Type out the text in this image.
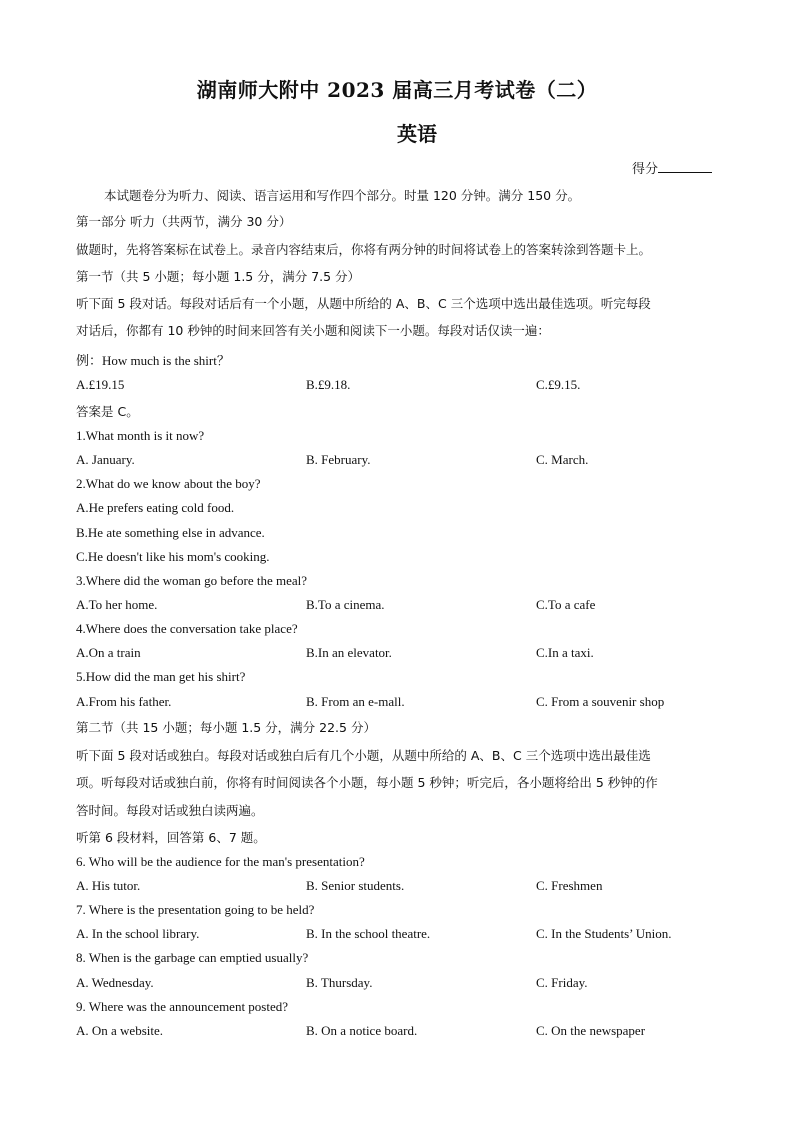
湖南师大附中 2023 届高三月考试卷（二）
英语
得分
本试题卷分为听力、阅读、语言运用和写作四个部分。时量 120 分钟。满分 150 分。
第一部分 听力（共两节，满分 30 分）
做题时，先将答案标在试卷上。录音内容结束后，你将有两分钟的时间将试卷上的答案转涂到答题卡上。
第一节（共 5 小题；每小题 1.5 分，满分 7.5 分）
听下面 5 段对话。每段对话后有一个小题，从题中所给的 A、B、C 三个选项中选出最佳选项。听完每段
对话后，你都有 10 秒钟的时间来回答有关小题和阅读下一小题。每段对话仅读一遍：
例：How much is the shirt？
A.£19.15	B.£9.18.	C.£9.15.
答案是 C。
1.What month is it now?
A. January.	B. February.	C. March.
2.What do we know about the boy?
A.He prefers eating cold food.
B.He ate something else in advance.
C.He doesn't like his mom's cooking.
3.Where did the woman go before the meal?
A.To her home.	B.To a cinema.	C.To a cafe
4.Where does the conversation take place?
A.On a train	B.In an elevator.	C.In a taxi.
5.How did the man get his shirt?
A.From his father.	B. From an e-mall.	C. From a souvenir shop
第二节（共 15 小题；每小题 1.5 分，满分 22.5 分）
听下面 5 段对话或独白。每段对话或独白后有几个小题，从题中所给的 A、B、C 三个选项中选出最佳选
项。听每段对话或独白前，你将有时间阅读各个小题，每小题 5 秒钟；听完后，各小题将给出 5 秒钟的作
答时间。每段对话或独白读两遍。
听第 6 段材料，回答第 6、7 题。
6. Who will be the audience for the man's presentation?
A. His tutor.	B. Senior students.	C. Freshmen
7. Where is the presentation going to be held?
A. In the school library.	B. In the school theatre.	C. In the Students’ Union.
8. When is the garbage can emptied usually?
A. Wednesday.	B. Thursday.	C. Friday.
9. Where was the announcement posted?
A. On a website.	B. On a notice board.	C. On the newspaper
